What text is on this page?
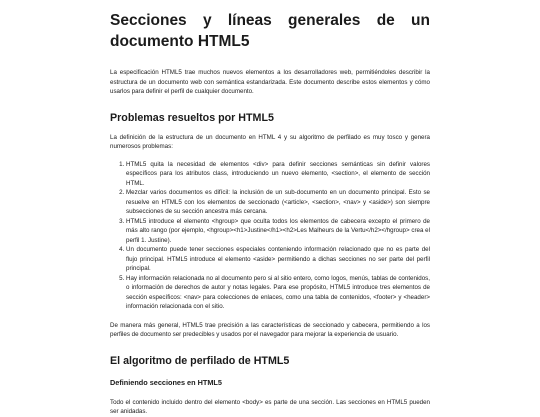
Secciones y líneas generales de un documento HTML5

La especificación HTML5 trae muchos nuevos elementos a los desarrolladores web, permitiéndoles describir la estructura de un documento web con semántica estandarizada. Este documento describe estos elementos y cómo usarlos para definir el perfil de cualquier documento.

Problemas resueltos por HTML5

La definición de la estructura de un documento en HTML 4 y su algoritmo de perfilado es muy tosco y genera numerosos problemas:

1. HTML5 quita la necesidad de elementos <div> para definir secciones semánticas sin definir valores específicos para los atributos class, introduciendo un nuevo elemento, <section>, el elemento de sección HTML.
2. Mezclar varios documentos es difícil: la inclusión de un sub-documento en un documento principal. Esto se resuelve en HTML5 con los elementos de seccionado (<article>, <section>, <nav> y <aside>) son siempre subsecciones de su sección ancestra más cercana.
3. HTML5 introduce el elemento <hgroup> que oculta todos los elementos de cabecera excepto el primero de más alto rango (por ejemplo, <hgroup><h1>Justine</h1><h2>Les Malheurs de la Vertu</h2></hgroup> crea el perfil 1. Justine).
4. Un documento puede tener secciones especiales conteniendo información relacionado que no es parte del flujo principal. HTML5 introduce el elemento <aside> permitiendo a dichas secciones no ser parte del perfil principal.
5. Hay información relacionada no al documento pero si al sitio entero, como logos, menús, tablas de contenidos, o información de derechos de autor y notas legales. Para ese propósito, HTML5 introduce tres elementos de sección específicos: <nav> para colecciones de enlaces, como una tabla de contenidos, <footer> y <header> información relacionada con el sitio.

De manera más general, HTML5 trae precisión a las características de seccionado y cabecera, permitiendo a los perfiles de documento ser predecibles y usados por el navegador para mejorar la experiencia de usuario.

El algoritmo de perfilado de HTML5
Definiendo secciones en HTML5

Todo el contenido incluido dentro del elemento <body> es parte de una sección. Las secciones en HTML5 pueden ser anidadas.
